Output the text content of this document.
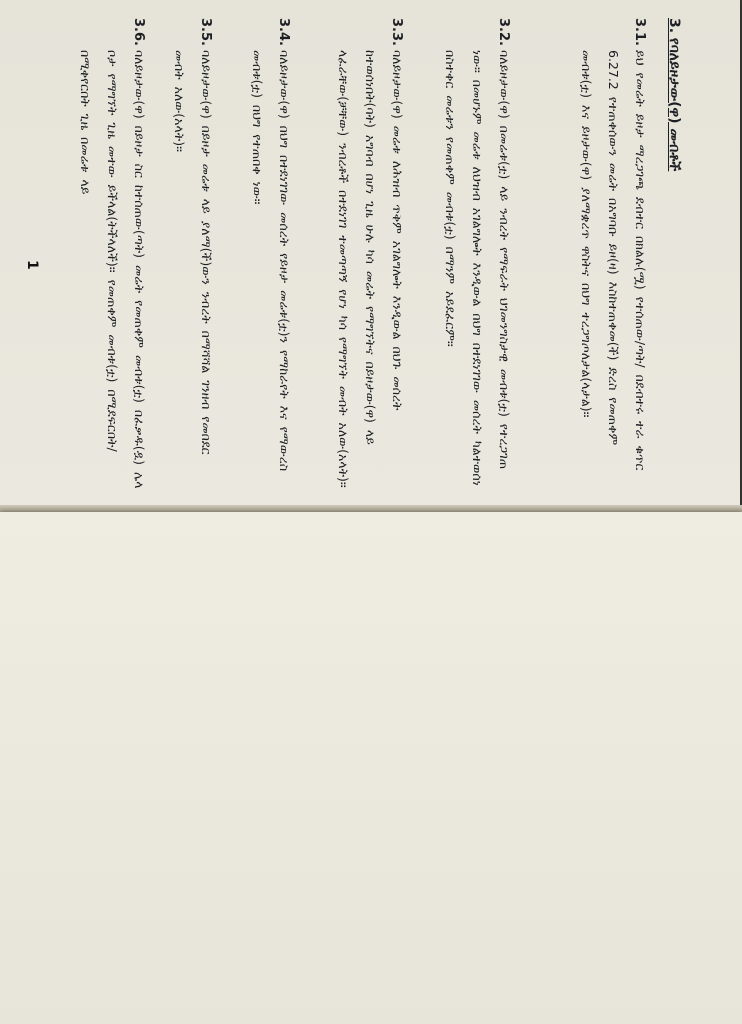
3. የባለይዞታው(ዋ) መብቶች
3.1.
ይህ የመሬት ይዞታ ማረጋገጫ ደብተር በክልሉ(ሟ) የተሰጠው/ጣት/ በደብተሩ ተራ ቁጥር 6.27.2 የተጠቀሰውን መሬት በአግባቡ ይዞ(ዛ) እስከተጠቀመ(ች) ድረስ የመጠቀም መብቱ(ቷ) እና ይዞታው(ዋ) ያለማቋረጥ ዋስትና በህግ ተረጋግጦለታል(ላታል)።
3.2.
ባለይዞታው(ዋ) በመሬቱ(ቷ) ላይ ንብረት የማፍራት ህገመንግስታዊ መብቱ(ቷ) የተረጋገጠ ነው። በመሆኑም መሬቱ ለህዝብ አገልግሎት እንዲውል በህግ በተደነገገው መሰረት ካልተወሰነ በስተቀር መሬቱን የመጠቀም መብቱ(ቷ) በማንም አይደፈርም።
3.3.
ባለይዞታው(ዋ) መሬቱ ለሕዝብ ጥቅም አገልግሎት እንዲውል በህጉ መሰረት ከተወሰነበት(ባት) አግባብ በሆነ ጊዜ ሁሉ ካሳ መሬት የማግኘትና በይዞታው(ዋ) ላይ ላፈራቸው(ቻቸው) ንብረቶች በተደነገገ ተመጣጣኝ የሆነ ካሳ የማግኘት መብት አለው(አላት)።
3.4.
ባለይዞታው(ዋ) በህግ በተደነገገው መሰረት የይዞታ መሬቱ(ቷ)ን የማከራየት እና የማውረስ መብቱ(ቷ) በህግ የተጠበቀ ነው።
3.5.
ባለይዞታው(ዋ) በይዞታ መሬቱ ላይ ያለማ(ች)ውን ንብረት በማሻሻል ገንዘብ የመበደር መብት አለው(አላት)።
3.6.
ባለይዞታው(ዋ) በይዞታ ስር ከተሰጠው(ጣት) መሬት የመጠቀም መብቱ(ቷ) በፈቃዱ(ዷ) ሌላ ቦታ የማግኘት ጊዜ መተው ይችላል(ትችላለች)። የመጠቀም መብቱ(ቷ) በሚደፍርበት/በሚቀየርበት ጊዜ በመሬቱ ላይ
1
